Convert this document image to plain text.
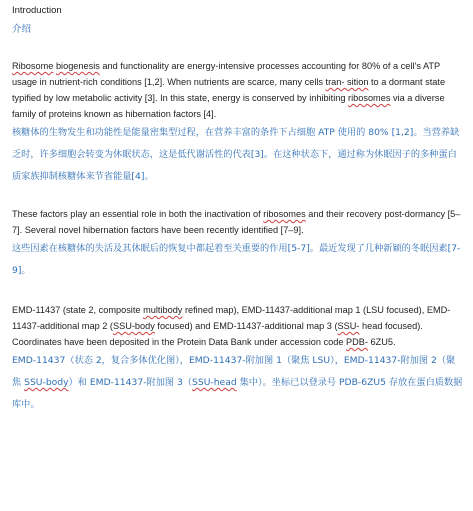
Introduction

介绍

Ribosome biogenesis and functionality are energy-intensive processes accounting for 80% of a cell’s ATP usage in nutrient-rich conditions [1,2]. When nutrients are scarce, many cells tran- sition to a dormant state typified by low metabolic activity [3]. In this state, energy is conserved by inhibiting ribosomes via a diverse family of proteins known as hibernation factors [4].

核糖体的生物发生和功能性是能量密集型过程，在营养丰富的条件下占细胞 ATP 使用的 80% [1,2]。当营养缺乏时，许多细胞会转变为休眠状态，这是低代谢活性的代表[3]。在这种状态下，通过称为休眠因子的多种蛋白质家族抑制核糖体来节省能量[4]。

These factors play an essential role in both the inactivation of ribosomes and their recovery post-dormancy [5–7]. Several novel hibernation factors have been recently identified [7–9].

这些因素在核糖体的失活及其休眠后的恢复中都起着至关重要的作用[5-7]。最近发现了几种新颖的冬眠因素[7-9]。

EMD-11437 (state 2, composite multibody refined map), EMD-11437-additional map 1 (LSU focused), EMD-11437-additional map 2 (SSU-body focused) and EMD-11437-additional map 3 (SSU- head focused). Coordinates have been deposited in the Protein Data Bank under accession code PDB- 6ZU5.

EMD-11437（状态 2，复合多体优化图），EMD-11437-附加图 1（聚焦 LSU），EMD-11437-附加图 2（聚焦 SSU-body）和 EMD-11437-附加图 3（SSU-head 集中）。坐标已以登录号 PDB-6ZU5 存放在蛋白质数据库中。
